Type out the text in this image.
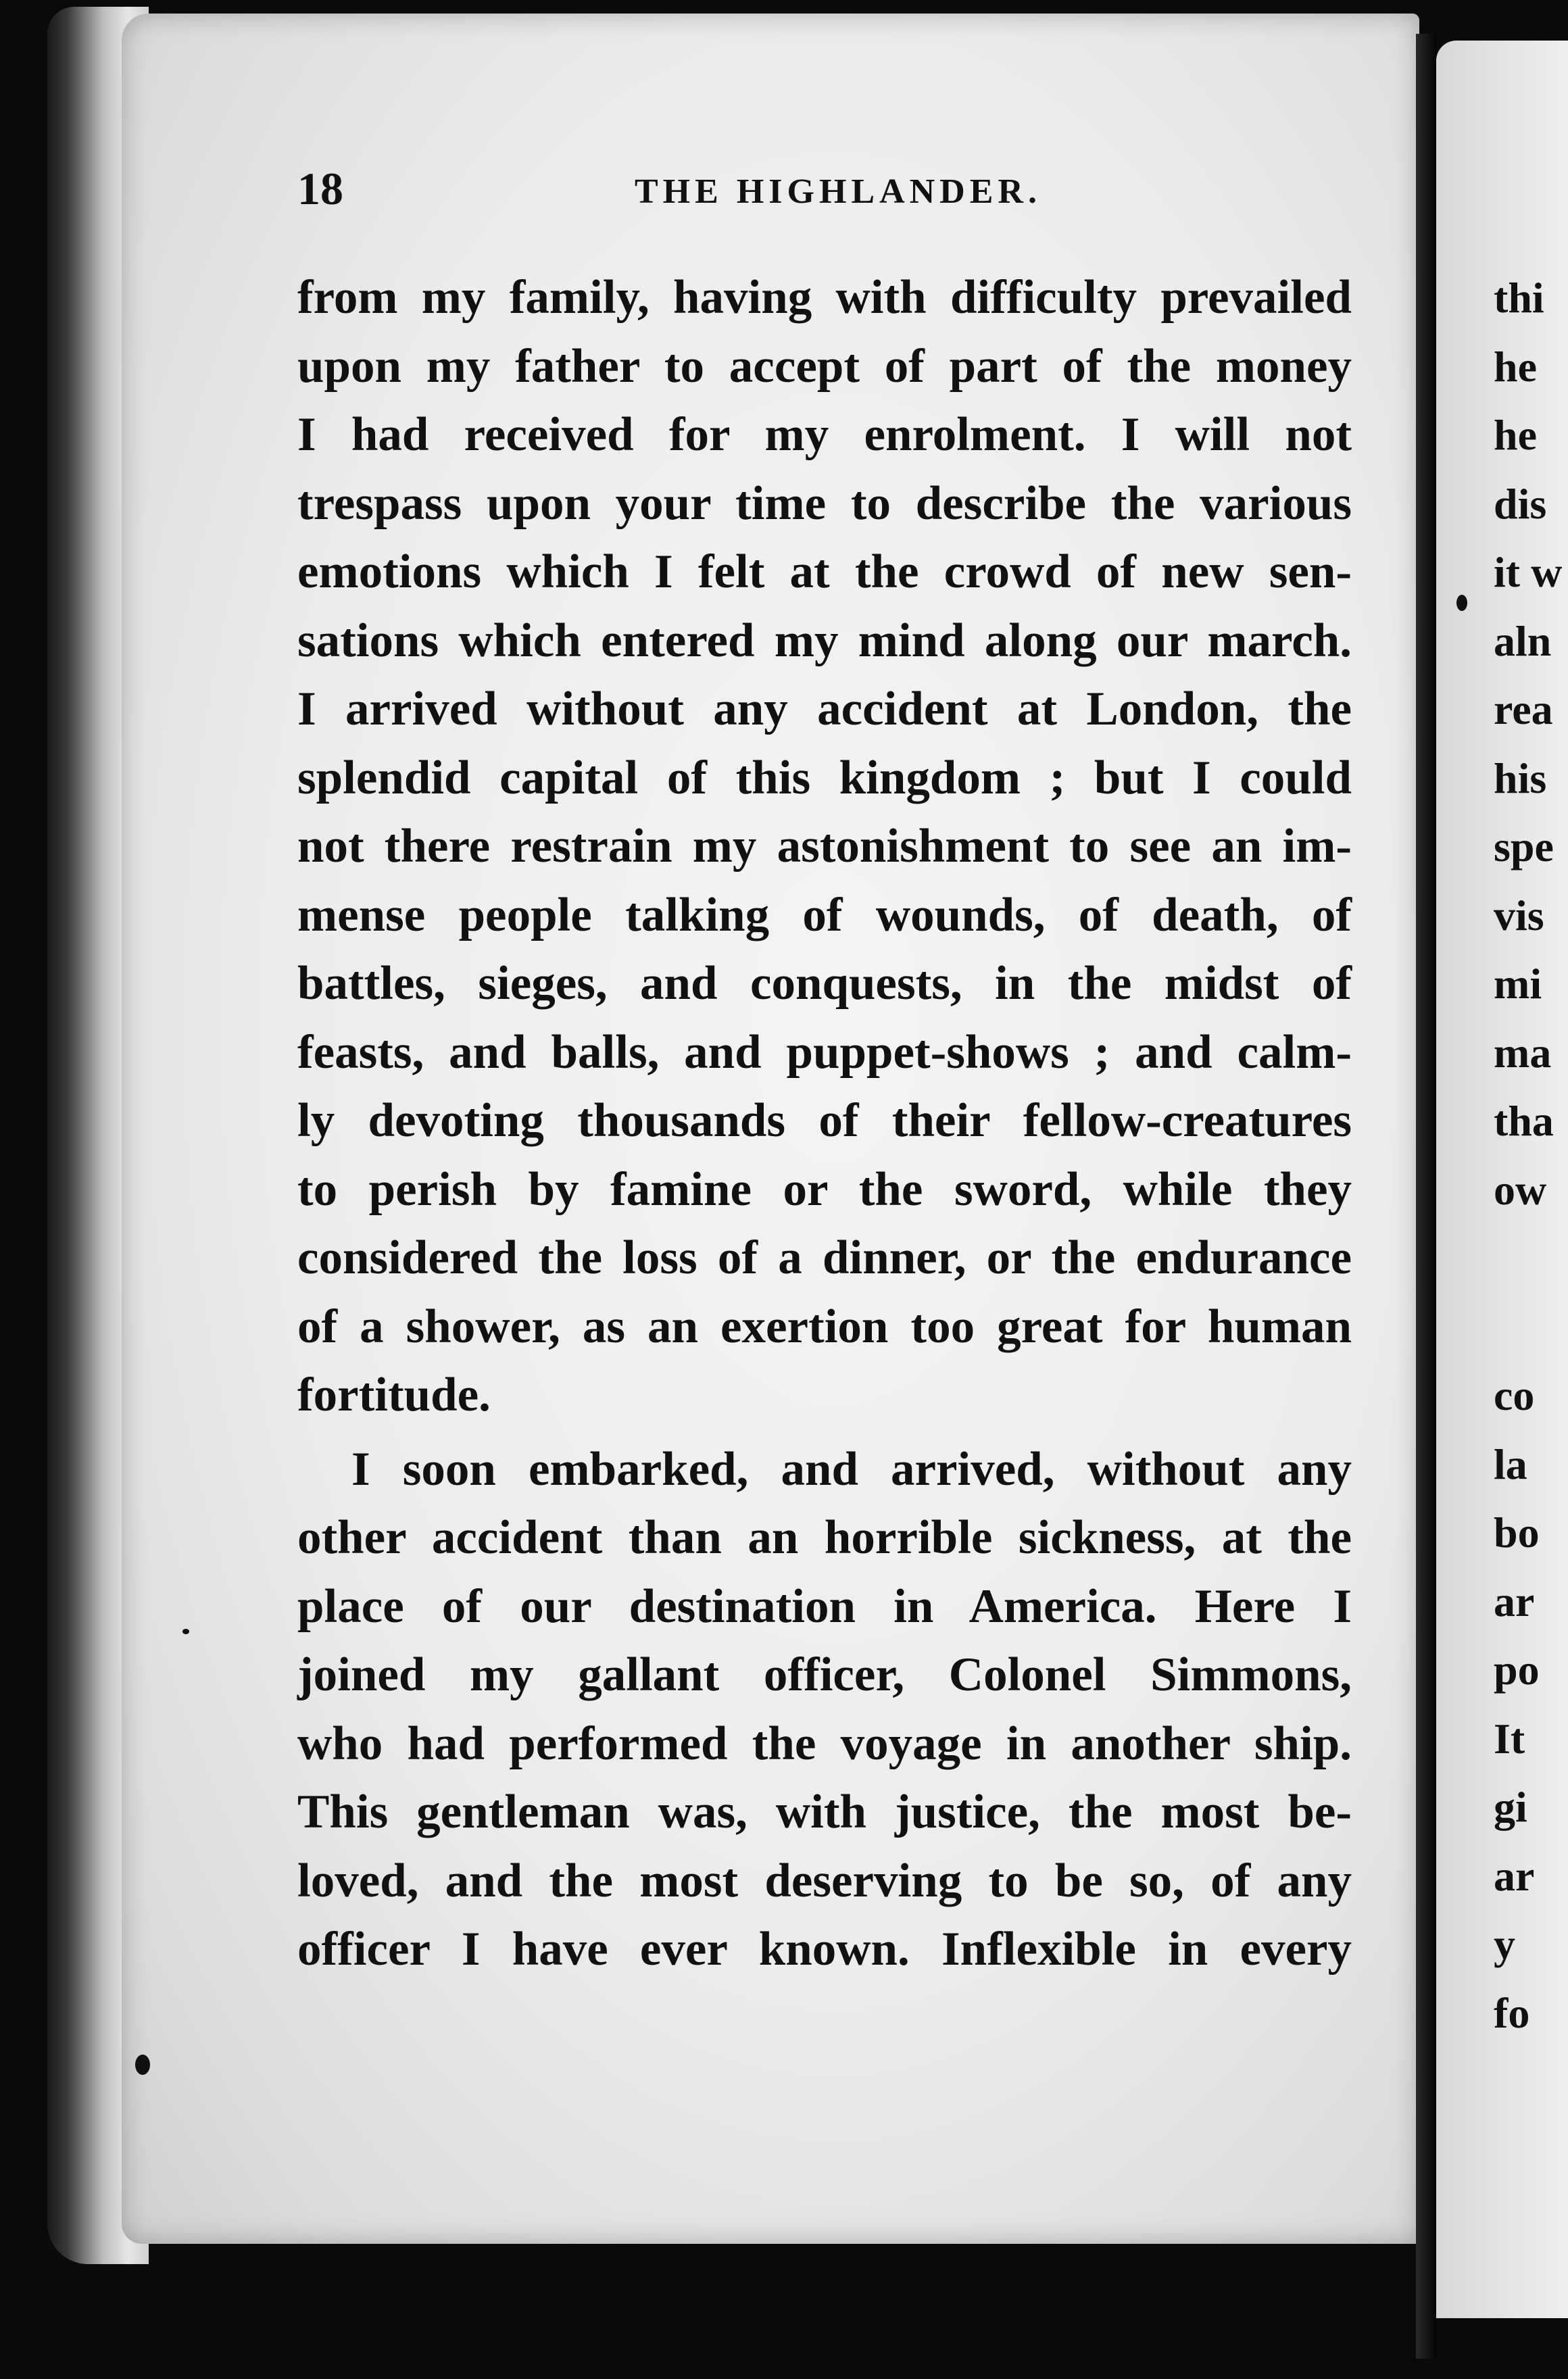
18	THE HIGHLANDER.
from my family, having with difficulty prevailed
upon my father to accept of part of the money
I had received for my enrolment. I will not
trespass upon your time to describe the various
emotions which I felt at the crowd of new sen-
sations which entered my mind along our march.
I arrived without any accident at London, the
splendid capital of this kingdom ; but I could
not there restrain my astonishment to see an im-
mense people talking of wounds, of death, of
battles, sieges, and conquests, in the midst of
feasts, and balls, and puppet-shows ; and calm-
ly devoting thousands of their fellow-creatures
to perish by famine or the sword, while they
considered the loss of a dinner, or the endurance
of a shower, as an exertion too great for human
fortitude.
I soon embarked, and arrived, without any
other accident than an horrible sickness, at the
place of our destination in America. Here I
joined my gallant officer, Colonel Simmons,
who had performed the voyage in another ship.
This gentleman was, with justice, the most be-
loved, and the most deserving to be so, of any
officer I have ever known. Inflexible in every
thi
he
he
dis
it w
aln
rea
his
spe
vis
mi
ma
tha
ow
co
la
bo
ar
po
It
gi
ar
y
fo
